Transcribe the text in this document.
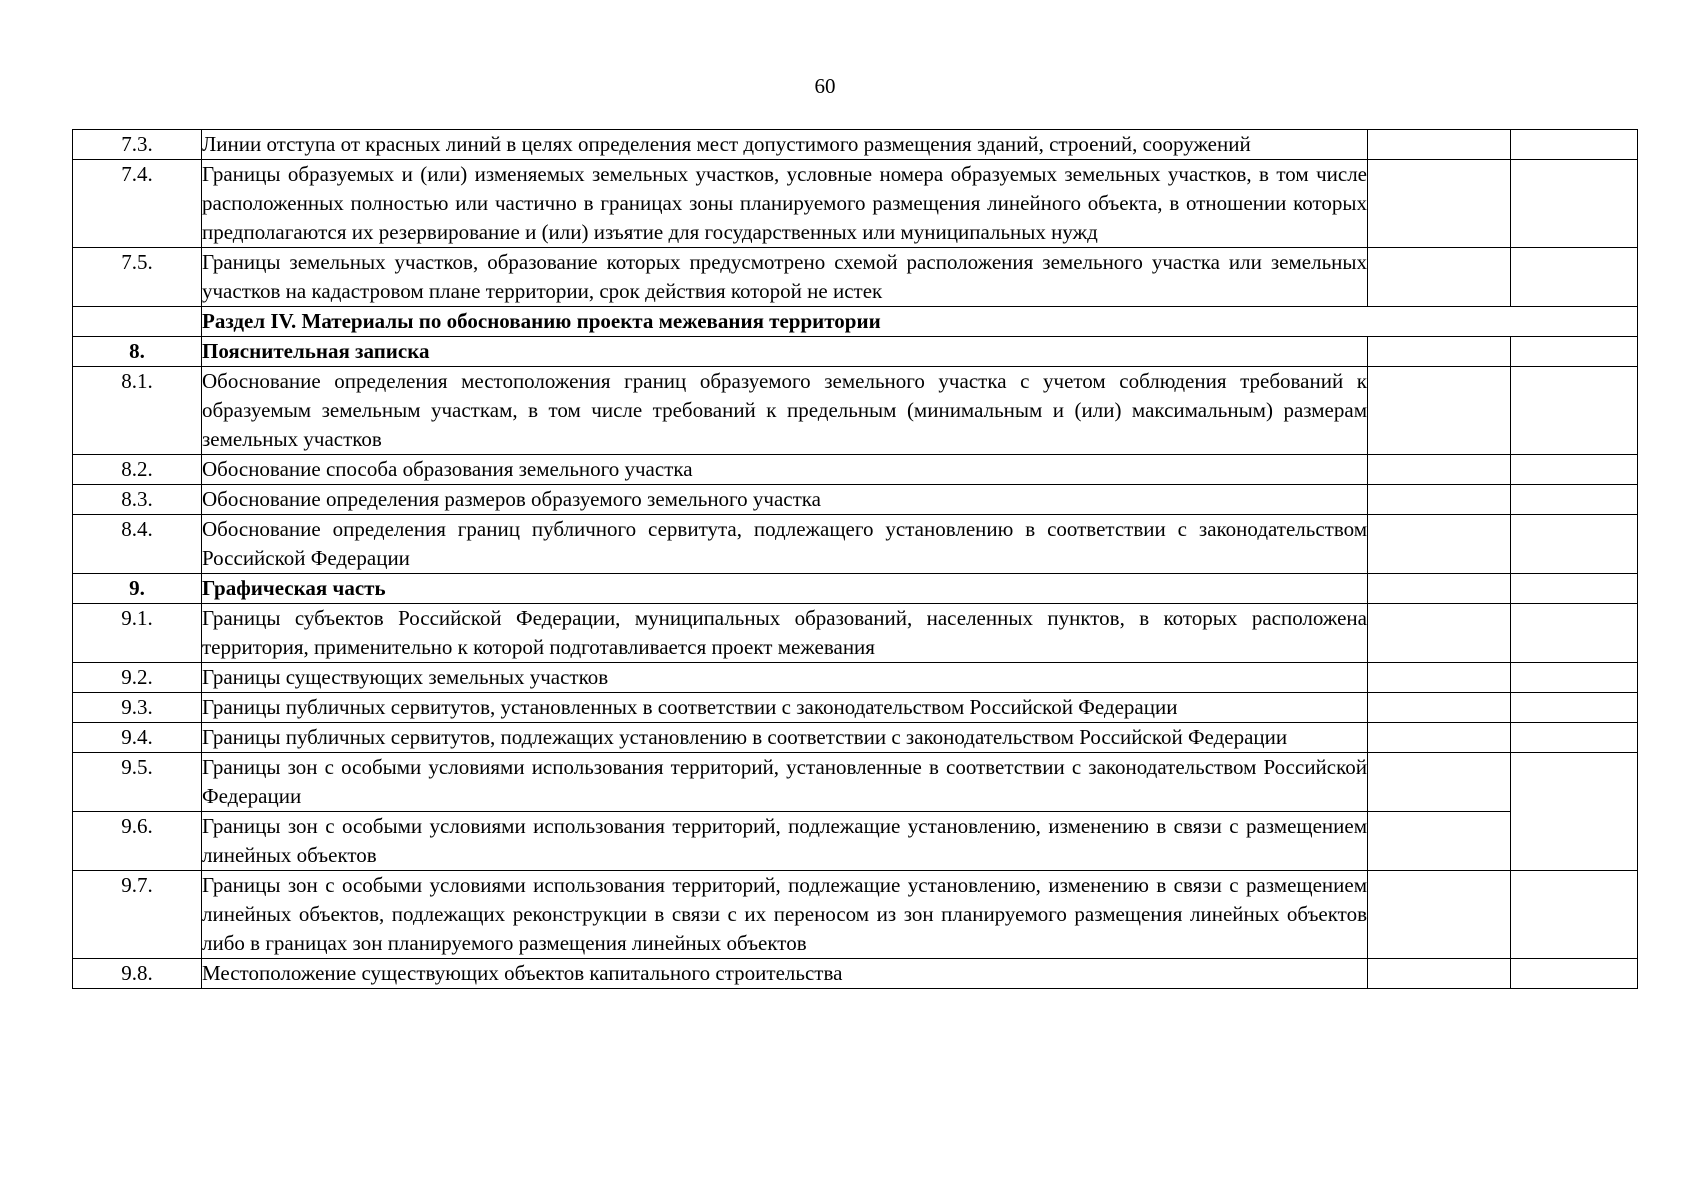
60
7.3.	Линии отступа от красных линий в целях определения мест допустимого размещения зданий, строений, сооружений		
7.4.	Границы образуемых и (или) изменяемых земельных участков, условные номера образуемых земельных участков, в том числе расположенных полностью или частично в границах зоны планируемого размещения линейного объекта, в отношении которых предполагаются их резервирование и (или) изъятие для государственных или муниципальных нужд		
7.5.	Границы земельных участков, образование которых предусмотрено схемой расположения земельного участка или земельных участков на кадастровом плане территории, срок действия которой не истек		
	Раздел IV. Материалы по обоснованию проекта межевания территории		
8.	Пояснительная записка		
8.1.	Обоснование определения местоположения границ образуемого земельного участка с учетом соблюдения требований к образуемым земельным участкам, в том числе требований к предельным (минимальным и (или) максимальным) размерам земельных участков		
8.2.	Обоснование способа образования земельного участка		
8.3.	Обоснование определения размеров образуемого земельного участка		
8.4.	Обоснование определения границ публичного сервитута, подлежащего установлению в соответствии с законодательством Российской Федерации		
9.	Графическая часть		
9.1.	Границы субъектов Российской Федерации, муниципальных образований, населенных пунктов, в которых расположена территория, применительно к которой подготавливается проект межевания		
9.2.	Границы существующих земельных участков		
9.3.	Границы публичных сервитутов, установленных в соответствии с законодательством Российской Федерации		
9.4.	Границы публичных сервитутов, подлежащих установлению в соответствии с законодательством Российской Федерации		
9.5.	Границы зон с особыми условиями использования территорий, установленные в соответствии с законодательством Российской Федерации		
9.6.	Границы зон с особыми условиями использования территорий, подлежащие установлению, изменению в связи с размещением линейных объектов		
9.7.	Границы зон с особыми условиями использования территорий, подлежащие установлению, изменению в связи с размещением линейных объектов, подлежащих реконструкции в связи с их переносом из зон планируемого размещения линейных объектов либо в границах зон планируемого размещения линейных объектов		
9.8.	Местоположение существующих объектов капитального строительства		
